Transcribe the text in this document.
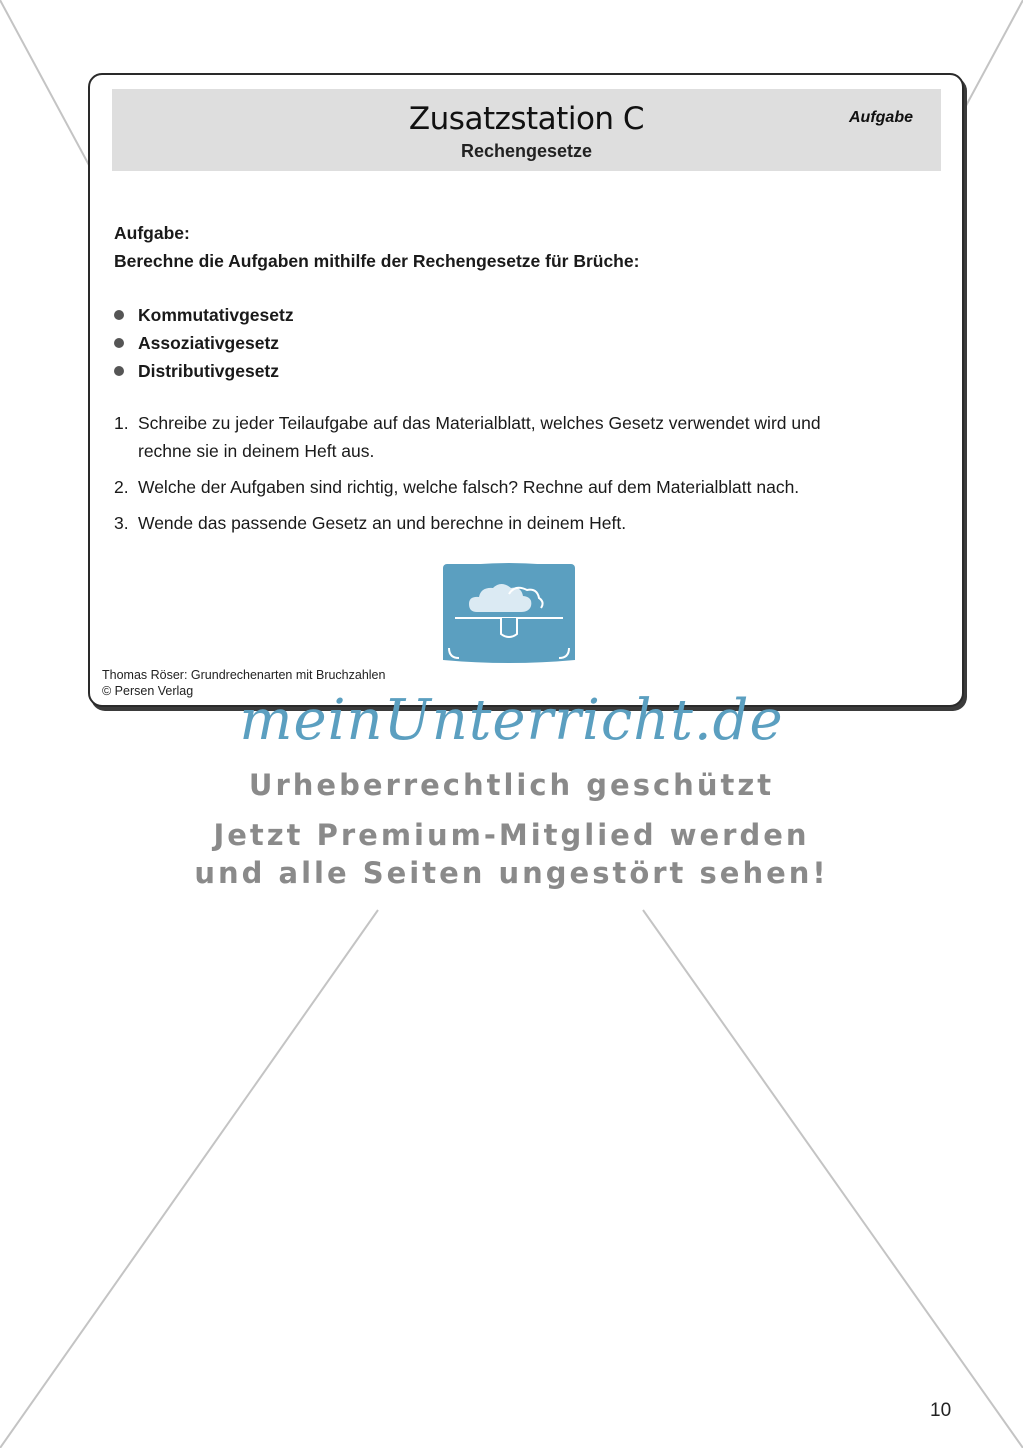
Zusatzstation C
Rechengesetze
Aufgabe
Aufgabe:
Berechne die Aufgaben mithilfe der Rechengesetze für Brüche:
Kommutativgesetz
Assoziativgesetz
Distributivgesetz
1. Schreibe zu jeder Teilaufgabe auf das Materialblatt, welches Gesetz verwendet wird und
rechne sie in deinem Heft aus.
2. Welche der Aufgaben sind richtig, welche falsch? Rechne auf dem Materialblatt nach.
3. Wende das passende Gesetz an und berechne in deinem Heft.
Thomas Röser: Grundrechenarten mit Bruchzahlen
© Persen Verlag meinUnterricht.de
Urheberrechtlich geschützt
Jetzt Premium-Mitglied werden
und alle Seiten ungestört sehen!
10
